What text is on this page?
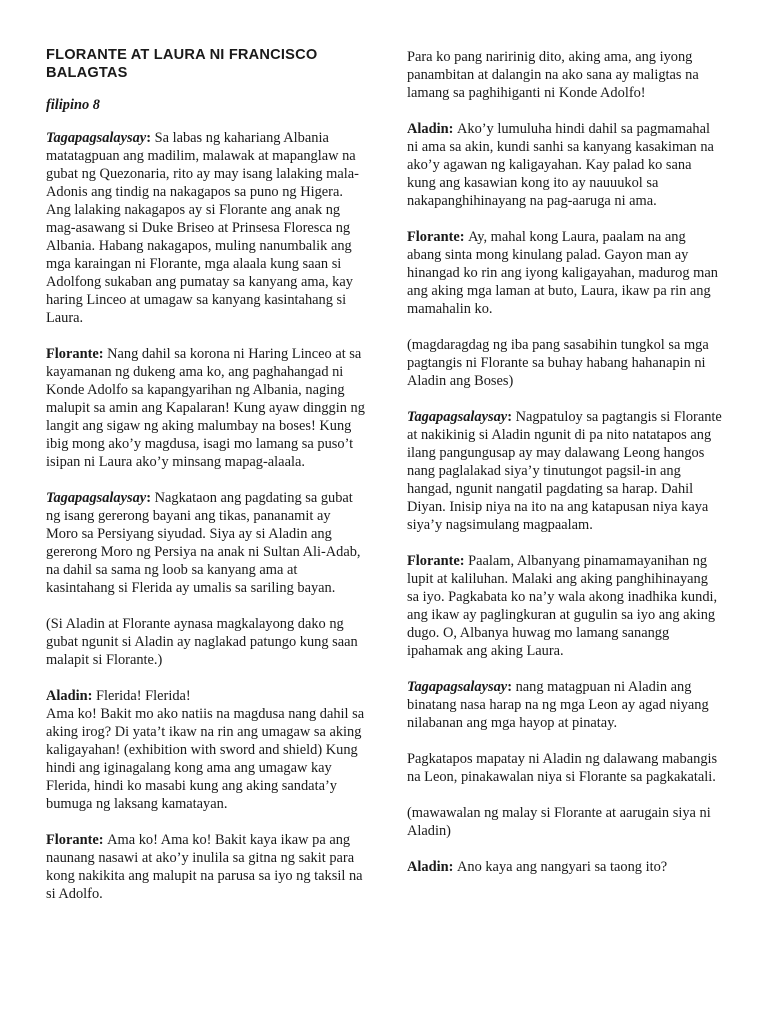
FLORANTE AT LAURA NI FRANCISCO BALAGTAS
filipino 8

Tagapagsalaysay: Sa labas ng kahariang Albania matatagpuan ang madilim, malawak at mapanglaw na gubat ng Quezonaria, rito ay may isang lalaking mala-Adonis ang tindig na nakagapos sa puno ng Higera. Ang lalaking nakagapos ay si Florante ang anak ng mag-asawang si Duke Briseo at Prinsesa Floresca ng Albania. Habang nakagapos, muling nanumbalik ang mga karaingan ni Florante, mga alaala kung saan si Adolfong sukaban ang pumatay sa kanyang ama, kay haring Linceo at umagaw sa kanyang kasintahang si Laura.

Florante: Nang dahil sa korona ni Haring Linceo at sa kayamanan ng dukeng ama ko, ang paghahangad ni Konde Adolfo sa kapangyarihan ng Albania, naging malupit sa amin ang Kapalaran! Kung ayaw dinggin ng langit ang sigaw ng aking malumbay na boses! Kung ibig mong ako’y magdusa, isagi mo lamang sa puso’t isipan ni Laura ako’y minsang mapag-alaala.

Tagapagsalaysay: Nagkataon ang pagdating sa gubat ng isang gererong bayani ang tikas, pananamit ay Moro sa Persiyang siyudad. Siya ay si Aladin ang gererong Moro ng Persiya na anak ni Sultan Ali-Adab, na dahil sa sama ng loob sa kanyang ama at kasintahang si Flerida ay umalis sa sariling bayan.

(Si Aladin at Florante aynasa magkalayong dako ng gubat ngunit si Aladin ay naglakad patungo kung saan malapit si Florante.)

Aladin: Flerida! Flerida!
Ama ko! Bakit mo ako natiis na magdusa nang dahil sa aking irog? Di yata’t ikaw na rin ang umagaw sa aking kaligayahan! (exhibition with sword and shield) Kung hindi ang iginagalang kong ama ang umagaw kay Flerida, hindi ko masabi kung ang aking sandata’y bumuga ng laksang kamatayan.

Florante: Ama ko! Ama ko! Bakit kaya ikaw pa ang naunang nasawi at ako’y inulila sa gitna ng sakit para kong nakikita ang malupit na parusa sa iyo ng taksil na si Adolfo.

Para ko pang naririnig dito, aking ama, ang iyong panambitan at dalangin na ako sana ay maligtas na lamang sa paghihiganti ni Konde Adolfo!

Aladin: Ako’y lumuluha hindi dahil sa pagmamahal ni ama sa akin, kundi sanhi sa kanyang kasakiman na ako’y agawan ng kaligayahan. Kay palad ko sana kung ang kasawian kong ito ay nauuukol sa nakapanghihinayang na pag-aaruga ni ama.

Florante: Ay, mahal kong Laura, paalam na ang abang sinta mong kinulang palad. Gayon man ay hinangad ko rin ang iyong kaligayahan, madurog man ang aking mga laman at buto, Laura, ikaw pa rin ang mamahalin ko.

(magdaragdag ng iba pang sasabihin tungkol sa mga pagtangis ni Florante sa buhay habang hahanapin ni Aladin ang Boses)

Tagapagsalaysay: Nagpatuloy sa pagtangis si Florante at nakikinig si Aladin ngunit di pa nito natatapos ang ilang pangungusap ay may dalawang Leong hangos nang paglalakad siya’y tinutungot pagsil-in ang hangad, ngunit nangatil pagdating sa harap. Dahil Diyan. Inisip niya na ito na ang katapusan niya kaya siya’y nagsimulang magpaalam.

Florante: Paalam, Albanyang pinamamayanihan ng lupit at kaliluhan. Malaki ang aking panghihinayang sa iyo. Pagkabata ko na’y wala akong inadhika kundi, ang ikaw ay paglingkuran at gugulin sa iyo ang aking dugo. O, Albanya huwag mo lamang sanangg ipahamak ang aking Laura.

Tagapagsalaysay: nang matagpuan ni Aladin ang binatang nasa harap na ng mga Leon ay agad niyang nilabanan ang mga hayop at pinatay.

Pagkatapos mapatay ni Aladin ng dalawang mabangis na Leon, pinakawalan niya si Florante sa pagkakatali.

(mawawalan ng malay si Florante at aarugain siya ni Aladin)

Aladin: Ano kaya ang nangyari sa taong ito?
